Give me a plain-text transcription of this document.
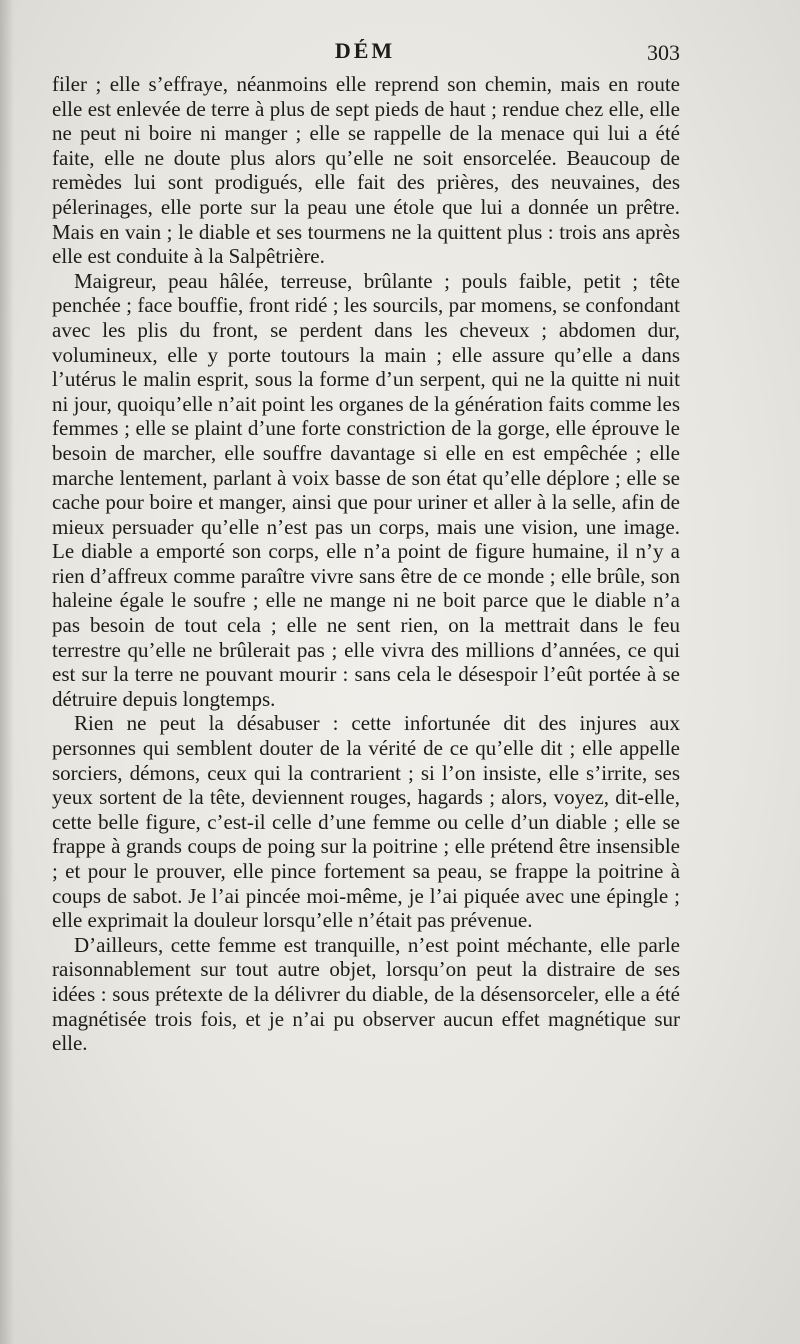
DÉM	303

filer ; elle s’effraye, néanmoins elle reprend son chemin, mais en route elle est enlevée de terre à plus de sept pieds de haut ; rendue chez elle, elle ne peut ni boire ni manger ; elle se rappelle de la menace qui lui a été faite, elle ne doute plus alors qu’elle ne soit ensorcelée. Beaucoup de remèdes lui sont prodigués, elle fait des prières, des neuvaines, des pélerinages, elle porte sur la peau une étole que lui a donnée un prêtre. Mais en vain ; le diable et ses tourmens ne la quittent plus : trois ans après elle est conduite à la Salpêtrière.

Maigreur, peau hâlée, terreuse, brûlante ; pouls faible, petit ; tête penchée ; face bouffie, front ridé ; les sourcils, par momens, se confondant avec les plis du front, se perdent dans les cheveux ; abdomen dur, volumineux, elle y porte toutours la main ; elle assure qu’elle a dans l’utérus le malin esprit, sous la forme d’un serpent, qui ne la quitte ni nuit ni jour, quoiqu’elle n’ait point les organes de la génération faits comme les femmes ; elle se plaint d’une forte constriction de la gorge, elle éprouve le besoin de marcher, elle souffre davantage si elle en est empêchée ; elle marche lentement, parlant à voix basse de son état qu’elle déplore ; elle se cache pour boire et manger, ainsi que pour uriner et aller à la selle, afin de mieux persuader qu’elle n’est pas un corps, mais une vision, une image. Le diable a emporté son corps, elle n’a point de figure humaine, il n’y a rien d’affreux comme paraître vivre sans être de ce monde ; elle brûle, son haleine égale le soufre ; elle ne mange ni ne boit parce que le diable n’a pas besoin de tout cela ; elle ne sent rien, on la mettrait dans le feu terrestre qu’elle ne brûlerait pas ; elle vivra des millions d’années, ce qui est sur la terre ne pouvant mourir : sans cela le désespoir l’eût portée à se détruire depuis longtemps.

Rien ne peut la désabuser : cette infortunée dit des injures aux personnes qui semblent douter de la vérité de ce qu’elle dit ; elle appelle sorciers, démons, ceux qui la contrarient ; si l’on insiste, elle s’irrite, ses yeux sortent de la tête, deviennent rouges, hagards ; alors, voyez, dit-elle, cette belle figure, c’est-il celle d’une femme ou celle d’un diable ; elle se frappe à grands coups de poing sur la poitrine ; elle prétend être insensible ; et pour le prouver, elle pince fortement sa peau, se frappe la poitrine à coups de sabot. Je l’ai pincée moi-même, je l’ai piquée avec une épingle ; elle exprimait la douleur lorsqu’elle n’était pas prévenue.

D’ailleurs, cette femme est tranquille, n’est point méchante, elle parle raisonnablement sur tout autre objet, lorsqu’on peut la distraire de ses idées : sous prétexte de la délivrer du diable, de la désensorceler, elle a été magnétisée trois fois, et je n’ai pu observer aucun effet magnétique sur elle.
